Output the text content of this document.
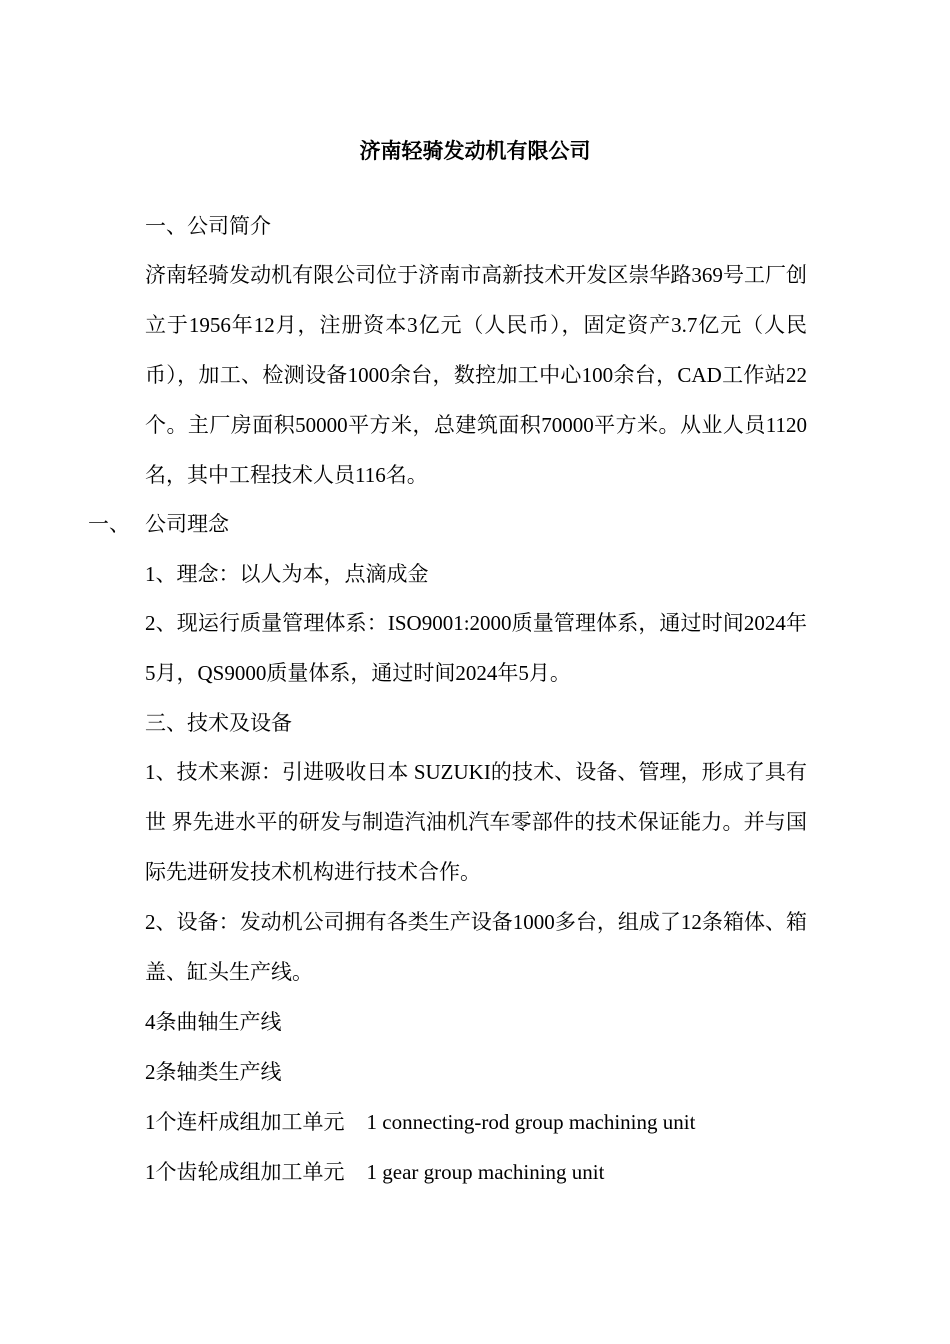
济南轻骑发动机有限公司
一、公司简介
济南轻骑发动机有限公司位于济南市高新技术开发区崇华路369号工厂创立于1956年12月，注册资本3亿元（人民币），固定资产3.7亿元（人民币），加工、检测设备1000余台，数控加工中心100余台，CAD工作站22个。主厂房面积50000平方米，总建筑面积70000平方米。从业人员1120名，其中工程技术人员116名。
一、 公司理念
1、理念：以人为本，点滴成金
2、现运行质量管理体系：ISO9001:2000质量管理体系，通过时间2024年5月，QS9000质量体系，通过时间2024年5月。
三、技术及设备
1、技术来源：引进吸收日本 SUZUKI的技术、设备、管理，形成了具有世 界先进水平的研发与制造汽油机汽车零部件的技术保证能力。并与国际先进研发技术机构进行技术合作。
2、设备：发动机公司拥有各类生产设备1000多台，组成了12条箱体、箱盖、缸头生产线。
4条曲轴生产线
2条轴类生产线
1个连杆成组加工单元 1 connecting-rod group machining unit
1个齿轮成组加工单元 1 gear group machining unit
